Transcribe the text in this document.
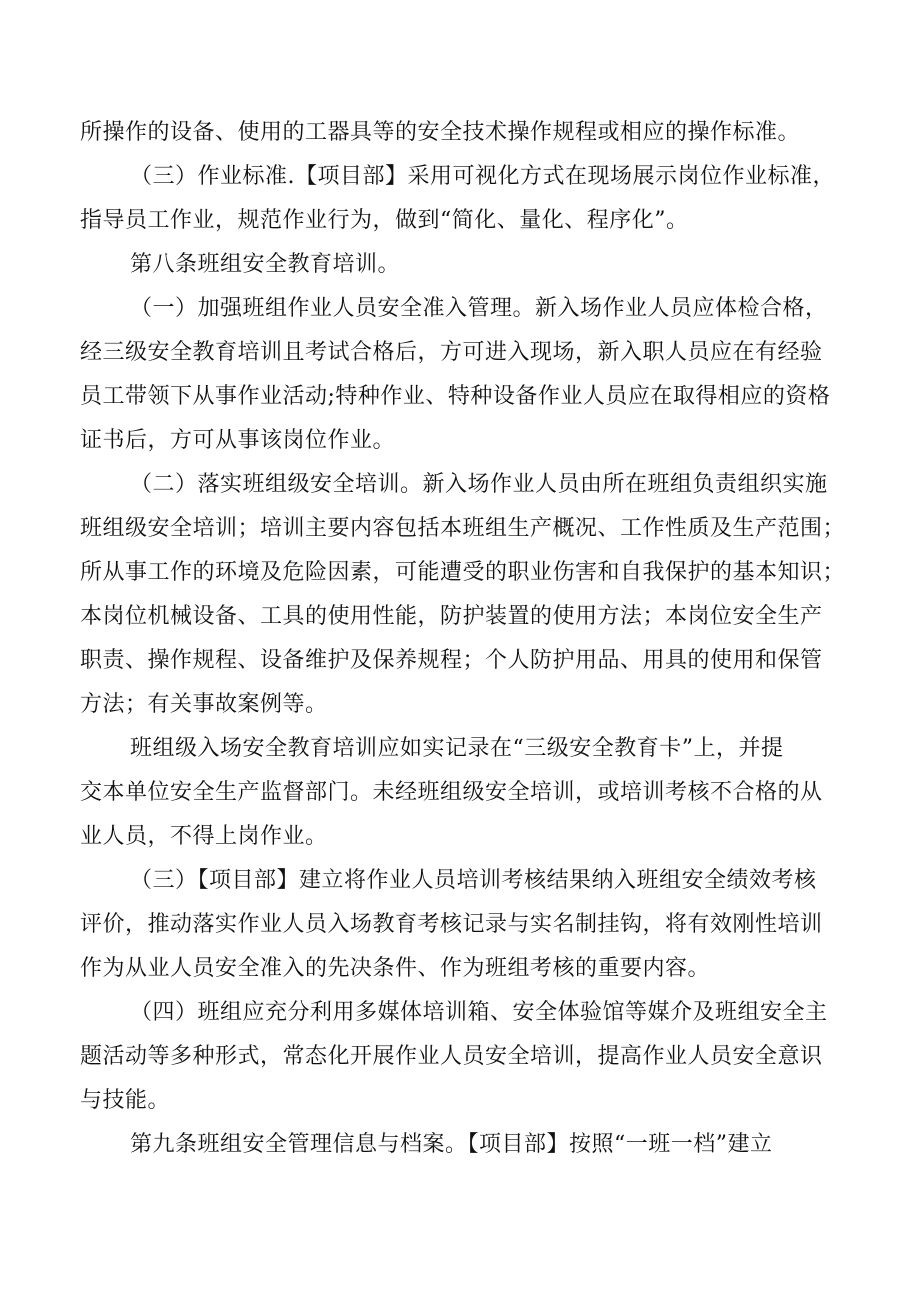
所操作的设备、使用的工器具等的安全技术操作规程或相应的操作标准。
（三）作业标准.【项目部】采用可视化方式在现场展示岗位作业标准，
指导员工作业，规范作业行为，做到“简化、量化、程序化”。
第八条班组安全教育培训。
（一）加强班组作业人员安全准入管理。新入场作业人员应体检合格，
经三级安全教育培训且考试合格后，方可进入现场，新入职人员应在有经验
员工带领下从事作业活动;特种作业、特种设备作业人员应在取得相应的资格
证书后，方可从事该岗位作业。
（二）落实班组级安全培训。新入场作业人员由所在班组负责组织实施
班组级安全培训；培训主要内容包括本班组生产概况、工作性质及生产范围；
所从事工作的环境及危险因素，可能遭受的职业伤害和自我保护的基本知识；
本岗位机械设备、工具的使用性能，防护装置的使用方法；本岗位安全生产
职责、操作规程、设备维护及保养规程；个人防护用品、用具的使用和保管
方法；有关事故案例等。
班组级入场安全教育培训应如实记录在“三级安全教育卡”上，并提
交本单位安全生产监督部门。未经班组级安全培训，或培训考核不合格的从
业人员，不得上岗作业。
（三）【项目部】建立将作业人员培训考核结果纳入班组安全绩效考核
评价，推动落实作业人员入场教育考核记录与实名制挂钩，将有效刚性培训
作为从业人员安全准入的先决条件、作为班组考核的重要内容。
（四）班组应充分利用多媒体培训箱、安全体验馆等媒介及班组安全主
题活动等多种形式，常态化开展作业人员安全培训，提高作业人员安全意识
与技能。
第九条班组安全管理信息与档案。【项目部】按照“一班一档”建立
